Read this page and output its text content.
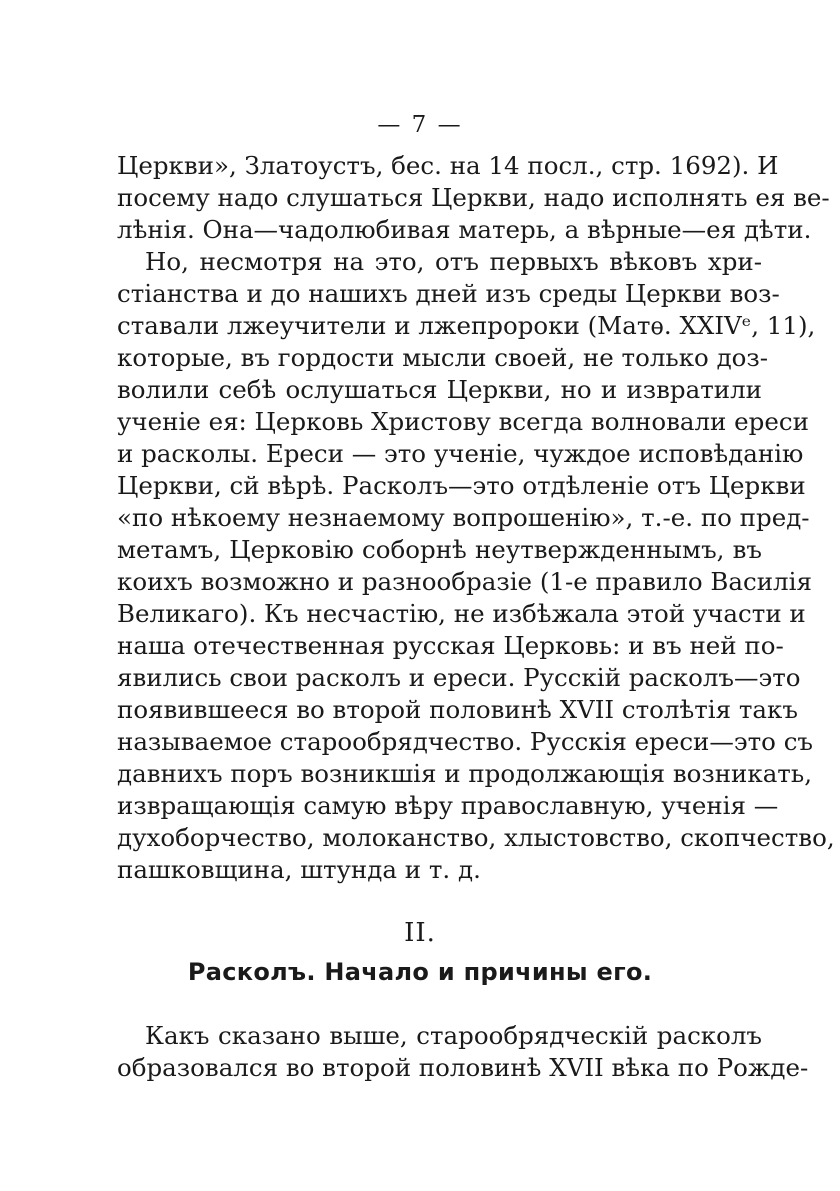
— 7 —
Церкви», Златоустъ, бес. на 14 посл., стр. 1692). И
посему надо слушаться Церкви, надо исполнять ея ве-
лѣнія. Она—чадолюбивая матерь, а вѣрные—ея дѣти.
Но, несмотря на это, отъ первыхъ вѣковъ хри-
стіанства и до нашихъ дней изъ среды Церкви воз-
ставали лжеучители и лжепророки (Матѳ. XXIVᵉ, 11),
которые, въ гордости мысли своей, не только доз-
волили себѣ ослушаться Церкви, но и извратили
ученіе ея: Церковь Христову всегда волновали ереси
и расколы. Ереси — это ученіе, чуждое исповѣданію
Церкви, сй вѣрѣ. Расколъ—это отдѣленіе отъ Церкви
«по нѣкоему незнаемому вопрошенію», т.-е. по пред-
метамъ, Церковію соборнѣ неутвержденнымъ, въ
коихъ возможно и разнообразіе (1-е правило Василія
Великаго). Къ несчастію, не избѣжала этой участи и
наша отечественная русская Церковь: и въ ней по-
явились свои расколъ и ереси. Русскій расколъ—это
появившееся во второй половинѣ XVII столѣтія такъ
называемое старообрядчество. Русскія ереси—это съ
давнихъ поръ возникшія и продолжающія возникать,
извращающія самую вѣру православную, ученія —
духоборчество, молоканство, хлыстовство, скопчество,
пашковщина, штунда и т. д.
II.
Расколъ. Начало и причины его.
Какъ сказано выше, старообрядческій расколъ
образовался во второй половинѣ XVII вѣка по Рожде-
